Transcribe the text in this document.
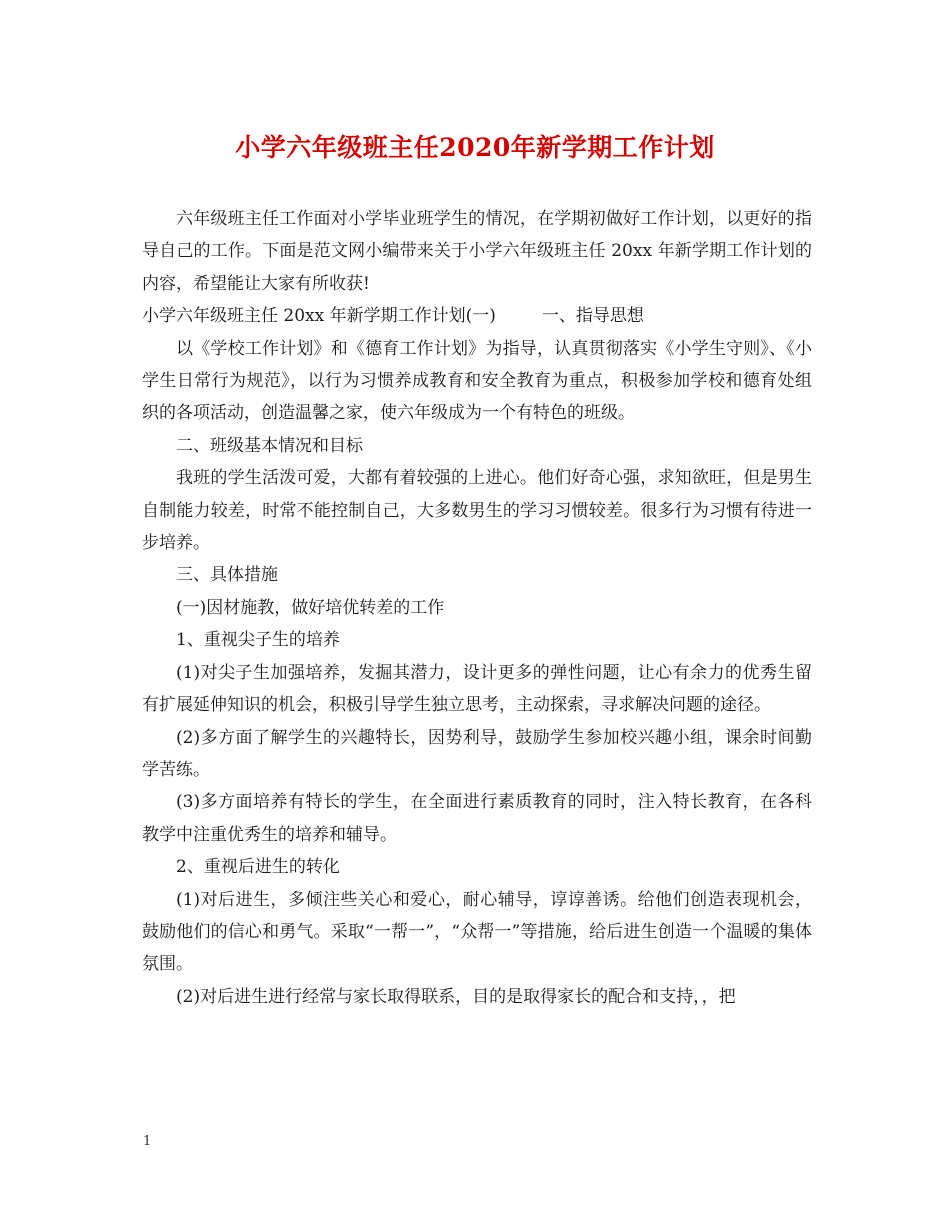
小学六年级班主任2020年新学期工作计划

六年级班主任工作面对小学毕业班学生的情况，在学期初做好工作计划，以更好的指导自己的工作。下面是范文网小编带来关于小学六年级班主任 20xx 年新学期工作计划的内容，希望能让大家有所收获!

小学六年级班主任 20xx 年新学期工作计划(一)	一、指导思想

以《学校工作计划》和《德育工作计划》为指导，认真贯彻落实《小学生守则》、《小学生日常行为规范》，以行为习惯养成教育和安全教育为重点，积极参加学校和德育处组织的各项活动，创造温馨之家，使六年级成为一个有特色的班级。

二、班级基本情况和目标

我班的学生活泼可爱，大都有着较强的上进心。他们好奇心强，求知欲旺，但是男生自制能力较差，时常不能控制自己，大多数男生的学习习惯较差。很多行为习惯有待进一步培养。

三、具体措施

(一)因材施教，做好培优转差的工作

1、重视尖子生的培养

(1)对尖子生加强培养，发掘其潜力，设计更多的弹性问题，让心有余力的优秀生留有扩展延伸知识的机会，积极引导学生独立思考，主动探索，寻求解决问题的途径。

(2)多方面了解学生的兴趣特长，因势利导，鼓励学生参加校兴趣小组，课余时间勤学苦练。

(3)多方面培养有特长的学生，在全面进行素质教育的同时，注入特长教育，在各科教学中注重优秀生的培养和辅导。

2、重视后进生的转化

(1)对后进生，多倾注些关心和爱心，耐心辅导，谆谆善诱。给他们创造表现机会，鼓励他们的信心和勇气。采取“一帮一”，“众帮一”等措施，给后进生创造一个温暖的集体氛围。

(2)对后进生进行经常与家长取得联系，目的是取得家长的配合和支持，，把

1
